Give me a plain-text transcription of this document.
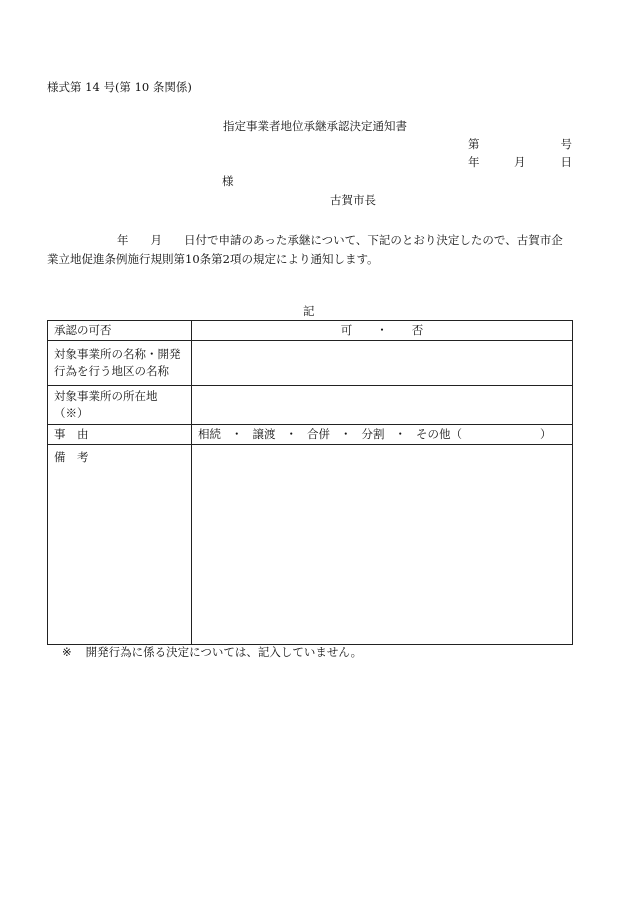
様式第 14 号(第 10 条関係)
指定事業者地位承継承認決定通知書
第	号
年	月	日
様
古賀市長
年 月 日付で申請のあった承継について、下記のとおり決定したので、古賀市企
業立地促進条例施行規則第10条第2項の規定により通知します。
記
承認の可否	可 ・ 否

対象事業所の名称・開発
行為を行う地区の名称	

対象事業所の所在地（※）	
事　由	相続 ・ 譲渡 ・ 合併 ・ 分割 ・ その他（ ）
備　考	
※ 開発行為に係る決定については、記入していません。
